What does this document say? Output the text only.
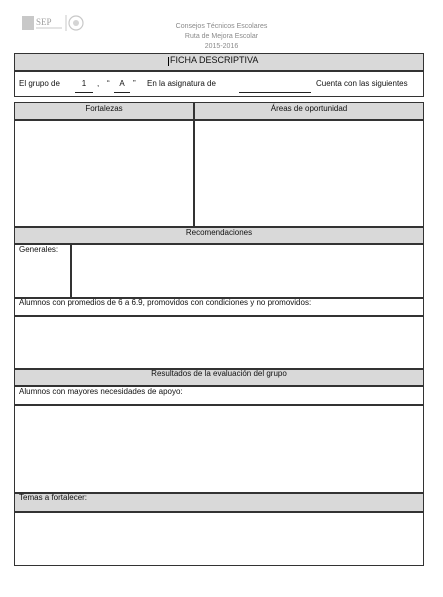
SEP	Consejos Técnicos Escolares
Ruta de Mejora Escolar
2015-2016
FICHA DESCRIPTIVA
El grupo de	1	, “	A	” En la asignatura de	Cuenta con las siguientes
Fortalezas	Áreas de oportunidad
Recomendaciones
Generales:
Alumnos con promedios de 6 a 6.9, promovidos con condiciones y no promovidos:
Resultados de la evaluación del grupo
Alumnos con mayores necesidades de apoyo:
Temas a fortalecer:
